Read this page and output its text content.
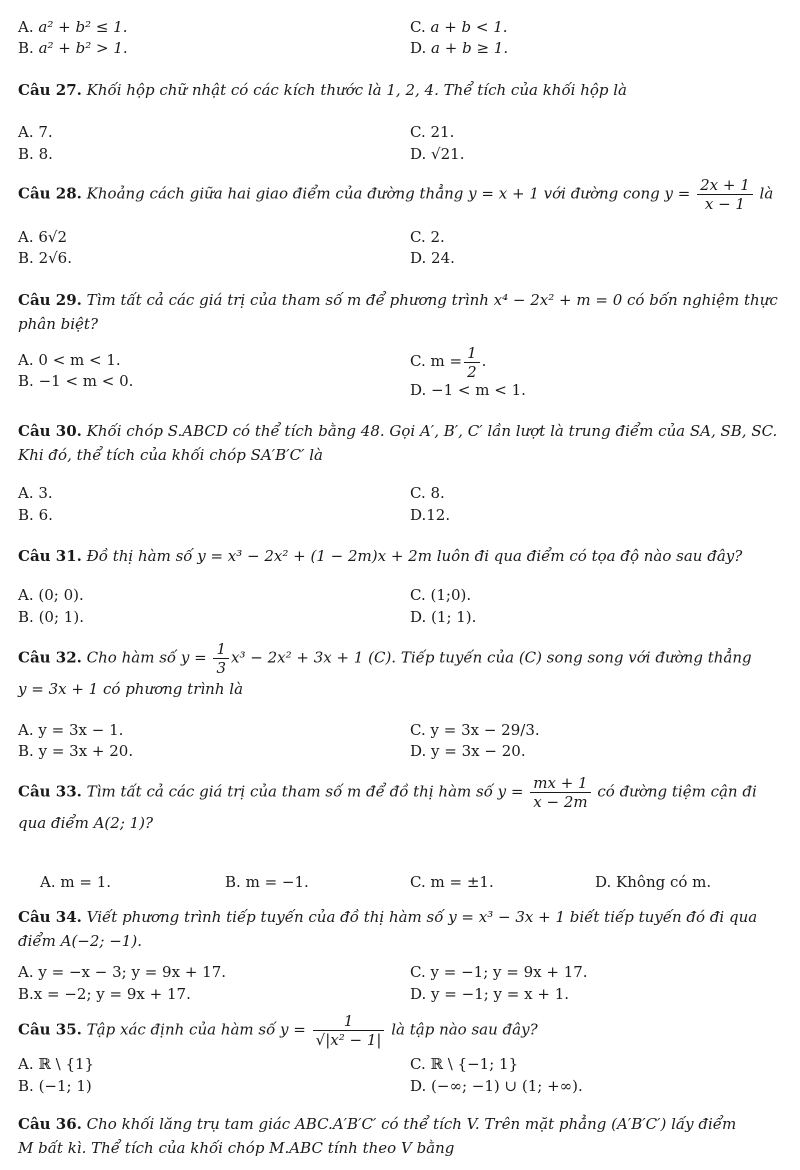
A. a² + b² ≤ 1.
B. a² + b² > 1.
C. a + b < 1.
D. a + b ≥ 1.
Câu 27. Khối hộp chữ nhật có các kích thước là 1, 2, 4. Thể tích của khối hộp là
A. 7.
B. 8.
C. 21.
D. √21.
Câu 28. Khoảng cách giữa hai giao điểm của đường thẳng y = x + 1 với đường cong $y = \frac{2x + 1}{x - 1}$ là
A. 6√2
B. 2√6.
C. 2.
D. 24.
Câu 29. Tìm tất cả các giá trị của tham số m để phương trình x⁴ − 2x² + m = 0 có bốn nghiệm thực
phân biệt?
A. 0 < m < 1.
B. −1 < m < 0.
C. $m = \frac{1}{2}$ .
D. −1 < m < 1.
Câu 30. Khối chóp S.ABCD có thể tích bằng 48. Gọi A′, B′, C′ lần lượt là trung điểm của SA, SB, SC.
Khi đó, thể tích của khối chóp SA′B′C′ là
A. 3.
B. 6.
C. 8.
D.12.
Câu 31. Đồ thị hàm số y = x³ − 2x² + (1 − 2m)x + 2m luôn đi qua điểm có tọa độ nào sau đây?
A. (0; 0).
B. (0; 1).
C. (1;0).
D. (1; 1).
Câu 32. Cho hàm số $y = \frac{1}{3} x^3 - 2x^2 + 3x + 1$ (C). Tiếp tuyến của (C) song song với đường thẳng
y = 3x + 1 có phương trình là
A. y = 3x − 1.
B. y = 3x + 20.
C. y = 3x − 29/3.
D. y = 3x − 20.
Câu 33. Tìm tất cả các giá trị của tham số m để đồ thị hàm số $y = \frac{mx + 1}{x - 2m}$ có đường tiệm cận đi
qua điểm A(2; 1)?
A. m = 1.	B. m = −1.	C. m = ±1.	D. Không có m.
Câu 34. Viết phương trình tiếp tuyến của đồ thị hàm số y = x³ − 3x + 1 biết tiếp tuyến đó đi qua
điểm A(−2; −1).
A. y = −x − 3; y = 9x + 17.
B.x = −2; y = 9x + 17.
C. y = −1; y = 9x + 17.
D. y = −1; y = x + 1.
Câu 35. Tập xác định của hàm số $y = \frac{1}{\text{√|x² − 1|}}$ là tập nào sau đây?
A. ℝ \ {1}
B. (−1; 1)
C. ℝ \ {−1; 1}
D. (−∞; −1) ∪ (1; +∞).
Câu 36. Cho khối lăng trụ tam giác ABC.A′B′C′ có thể tích V. Trên mặt phẳng (A′B′C′) lấy điểm
M bất kì. Thể tích của khối chóp M.ABC tính theo V bằng
